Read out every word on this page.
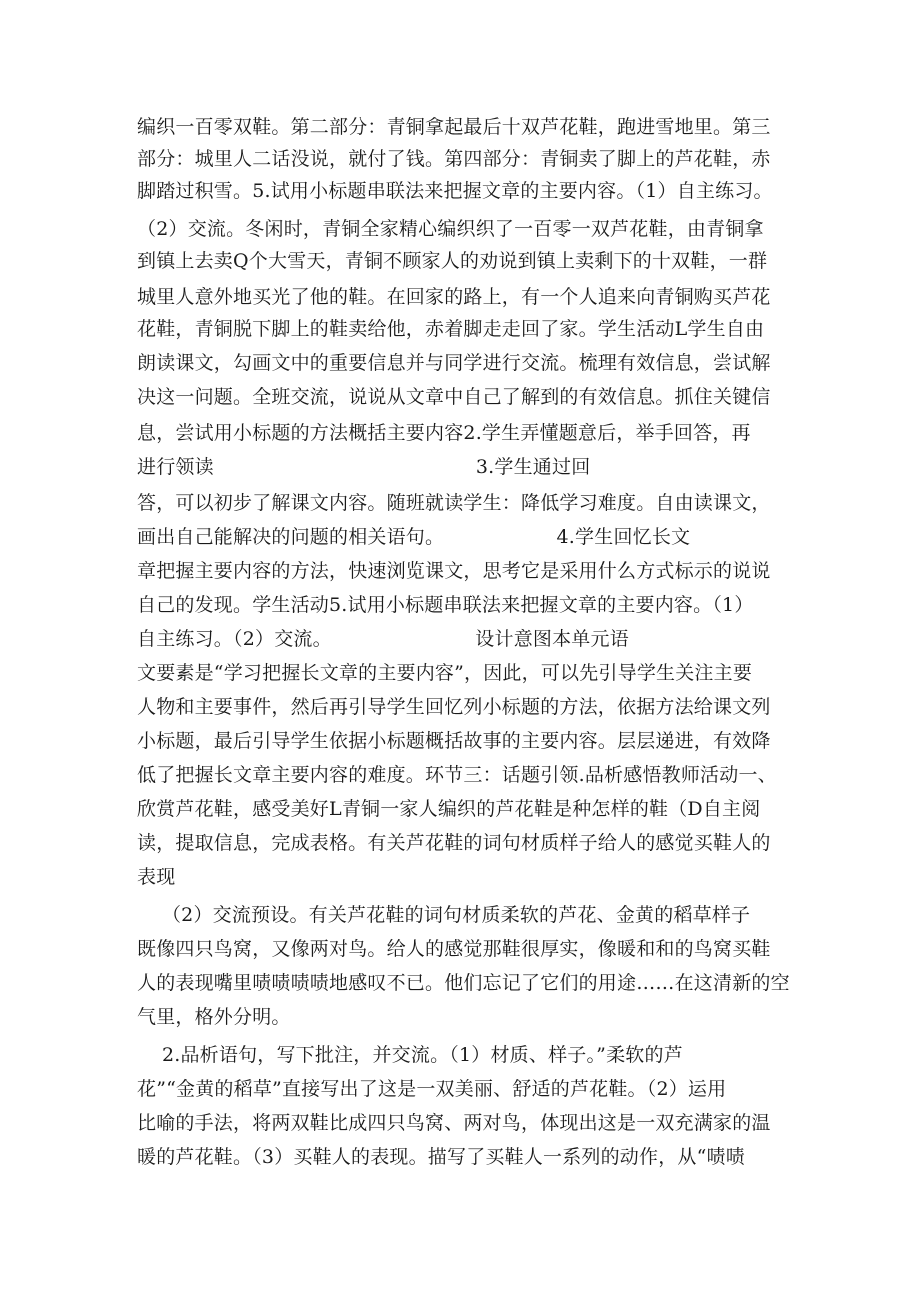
编织一百零双鞋。第二部分：青铜拿起最后十双芦花鞋，跑进雪地里。第三
部分：城里人二话没说，就付了钱。第四部分：青铜卖了脚上的芦花鞋，赤
脚踏过积雪。5.试用小标题串联法来把握文章的主要内容。（1）自主练习。
（2）交流。冬闲时，青铜全家精心编织织了一百零一双芦花鞋，由青铜拿
到镇上去卖Q个大雪天，青铜不顾家人的劝说到镇上卖剩下的十双鞋，一群
城里人意外地买光了他的鞋。在回家的路上，有一个人追来向青铜购买芦花
花鞋，青铜脱下脚上的鞋卖给他，赤着脚走走回了家。学生活动L学生自由
朗读课文，勾画文中的重要信息并与同学进行交流。梳理有效信息，尝试解
决这一问题。全班交流，说说从文章中自己了解到的有效信息。抓住关键信
息，尝试用小标题的方法概括主要内容2.学生弄懂题意后，举手回答，再
进行领读                                          3.学生通过回
答，可以初步了解课文内容。随班就读学生：降低学习难度。自由读课文，
画出自己能解决的问题的相关语句。                  4.学生回忆长文
章把握主要内容的方法，快速浏览课文，思考它是采用什么方式标示的说说
自己的发现。学生活动5.试用小标题串联法来把握文章的主要内容。（1）
自主练习。（2）交流。                       设计意图本单元语
文要素是“学习把握长文章的主要内容”，因此，可以先引导学生关注主要
人物和主要事件，然后再引导学生回忆列小标题的方法，依据方法给课文列
小标题，最后引导学生依据小标题概括故事的主要内容。层层递进，有效降
低了把握长文章主要内容的难度。环节三：话题引领.品析感悟教师活动一、
欣赏芦花鞋，感受美好L青铜一家人编织的芦花鞋是种怎样的鞋（D自主阅
读，提取信息，完成表格。有关芦花鞋的词句材质样子给人的感觉买鞋人的
表现
（2）交流预设。有关芦花鞋的词句材质柔软的芦花、金黄的稻草样子
既像四只鸟窝，又像两对鸟。给人的感觉那鞋很厚实，像暖和和的鸟窝买鞋
人的表现嘴里啧啧啧啧地感叹不已。他们忘记了它们的用途……在这清新的空
气里，格外分明。
2.品析语句，写下批注，并交流。（1）材质、样子。”柔软的芦
花”“金黄的稻草”直接写出了这是一双美丽、舒适的芦花鞋。（2）运用
比喻的手法，将两双鞋比成四只鸟窝、两对鸟，体现出这是一双充满家的温
暖的芦花鞋。（3）买鞋人的表现。描写了买鞋人一系列的动作，从“啧啧
